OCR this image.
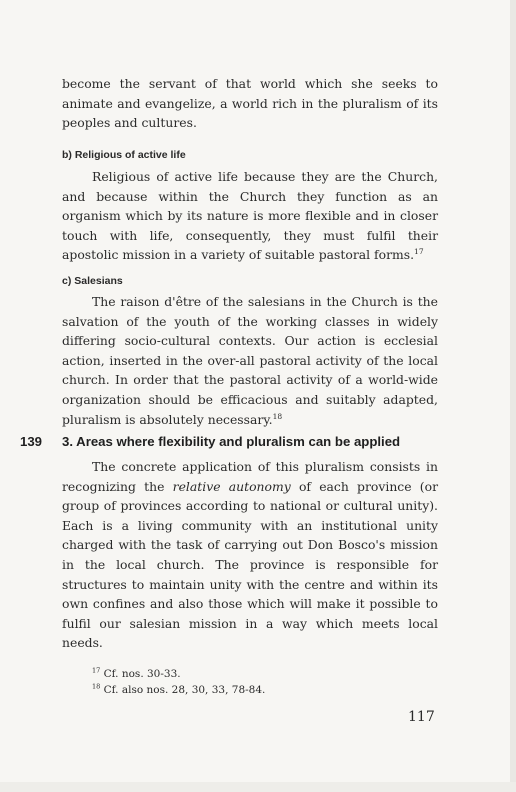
become the servant of that world which she seeks to animate and evangelize, a world rich in the pluralism of its peoples and cultures.

b) Religious of active life

Religious of active life because they are the Church, and because within the Church they function as an organism which by its nature is more flexible and in closer touch with life, consequently, they must fulfil their apostolic mission in a variety of suitable pastoral forms.$^{17}$

c) Salesians

The raison d'être of the salesians in the Church is the salvation of the youth of the working classes in widely differing socio-cultural contexts. Our action is ecclesial action, inserted in the over-all pastoral activity of the local church. In order that the pastoral activity of a world-wide organization should be efficacious and suitably adapted, pluralism is absolutely necessary.$^{18}$

139 3. Areas where flexibility and pluralism can be applied

The concrete application of this pluralism consists in recognizing the relative autonomy of each province (or group of provinces according to national or cultural unity). Each is a living community with an institutional unity charged with the task of carrying out Don Bosco's mission in the local church. The province is responsible for structures to maintain unity with the centre and within its own confines and also those which will make it possible to fulfil our salesian mission in a way which meets local needs.

$^{17}$ Cf. nos. 30-33.

$^{18}$ Cf. also nos. 28, 30, 33, 78-84.

117
